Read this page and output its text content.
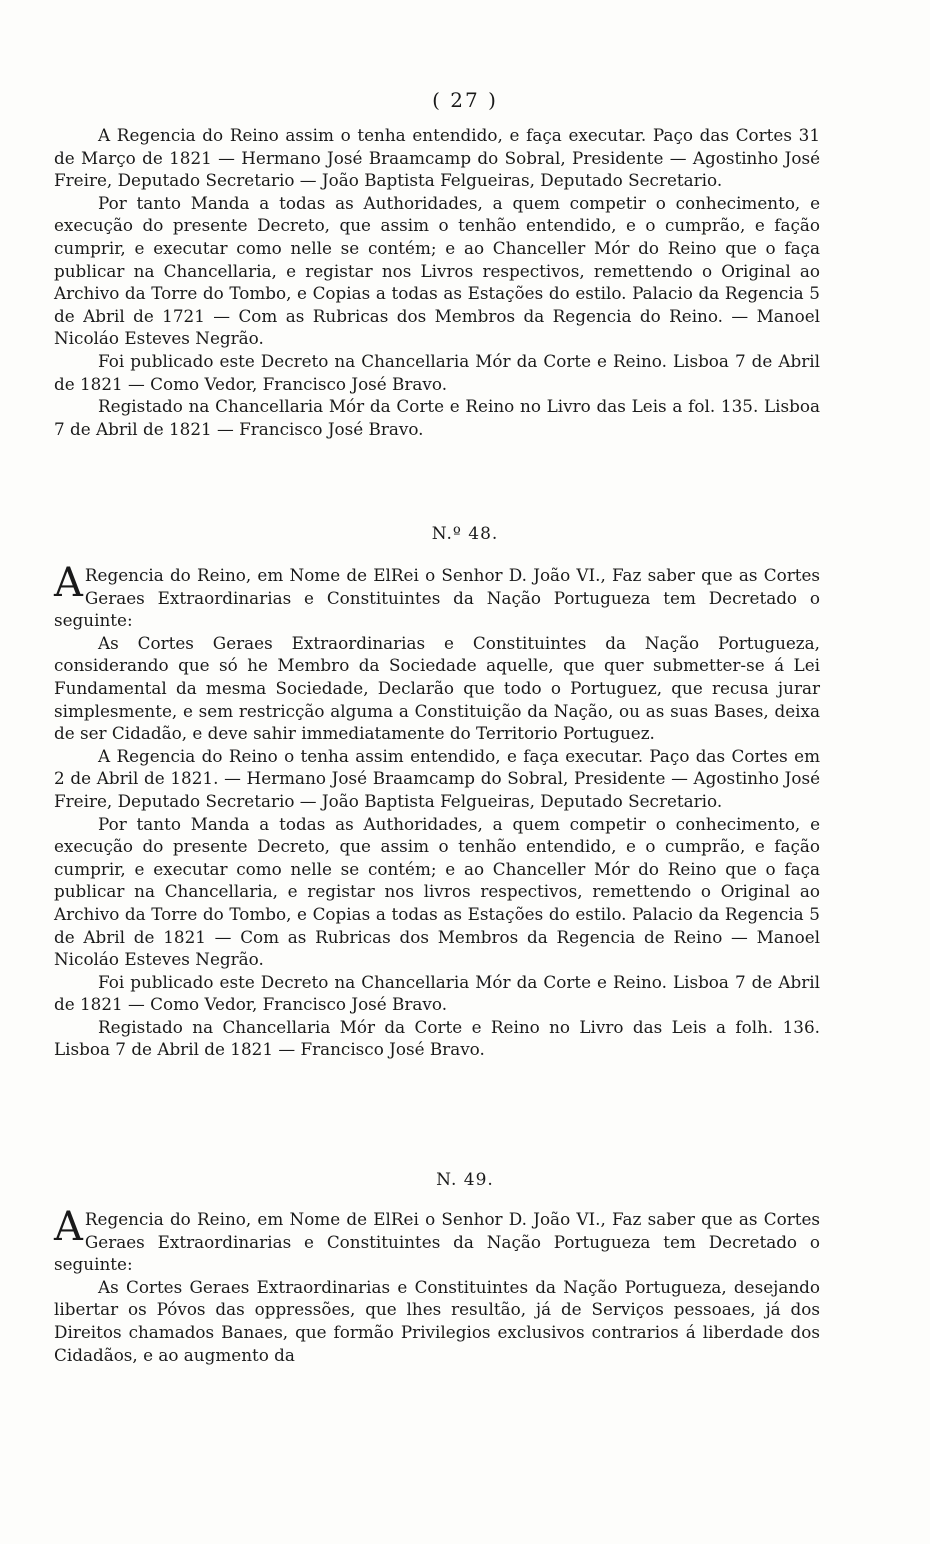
( 27 )

A Regencia do Reino assim o tenha entendido, e faça executar. Paço das Cortes 31 de Março de 1821 — Hermano José Braamcamp do Sobral, Presidente — Agostinho José Freire, Deputado Secretario — João Baptista Felgueiras, Deputado Secretario.

Por tanto Manda a todas as Authoridades, a quem competir o conhecimento, e execução do presente Decreto, que assim o tenhão entendido, e o cumprão, e fação cumprir, e executar como nelle se contém; e ao Chanceller Mór do Reino que o faça publicar na Chancellaria, e registar nos Livros respectivos, remettendo o Original ao Archivo da Torre do Tombo, e Copias a todas as Estações do estilo. Palacio da Regencia 5 de Abril de 1721 — Com as Rubricas dos Membros da Regencia do Reino. — Manoel Nicoláo Esteves Negrão.

Foi publicado este Decreto na Chancellaria Mór da Corte e Reino. Lisboa 7 de Abril de 1821 — Como Vedor, Francisco José Bravo.

Registado na Chancellaria Mór da Corte e Reino no Livro das Leis a fol. 135. Lisboa 7 de Abril de 1821 — Francisco José Bravo.

N.º 48.

A Regencia do Reino, em Nome de ElRei o Senhor D. João VI., Faz saber que as Cortes Geraes Extraordinarias e Constituintes da Nação Portugueza tem Decretado o seguinte:

As Cortes Geraes Extraordinarias e Constituintes da Nação Portugueza, considerando que só he Membro da Sociedade aquelle, que quer submetter-se á Lei Fundamental da mesma Sociedade, Declarão que todo o Portuguez, que recusa jurar simplesmente, e sem restricção alguma a Constituição da Nação, ou as suas Bases, deixa de ser Cidadão, e deve sahir immediatamente do Territorio Portuguez.

A Regencia do Reino o tenha assim entendido, e faça executar. Paço das Cortes em 2 de Abril de 1821. — Hermano José Braamcamp do Sobral, Presidente — Agostinho José Freire, Deputado Secretario — João Baptista Felgueiras, Deputado Secretario.

Por tanto Manda a todas as Authoridades, a quem competir o conhecimento, e execução do presente Decreto, que assim o tenhão entendido, e o cumprão, e fação cumprir, e executar como nelle se contém; e ao Chanceller Mór do Reino que o faça publicar na Chancellaria, e registar nos livros respectivos, remettendo o Original ao Archivo da Torre do Tombo, e Copias a todas as Estações do estilo. Palacio da Regencia 5 de Abril de 1821 — Com as Rubricas dos Membros da Regencia de Reino — Manoel Nicoláo Esteves Negrão.

Foi publicado este Decreto na Chancellaria Mór da Corte e Reino. Lisboa 7 de Abril de 1821 — Como Vedor, Francisco José Bravo.

Registado na Chancellaria Mór da Corte e Reino no Livro das Leis a folh. 136. Lisboa 7 de Abril de 1821 — Francisco José Bravo.

N. 49.

A Regencia do Reino, em Nome de ElRei o Senhor D. João VI., Faz saber que as Cortes Geraes Extraordinarias e Constituintes da Nação Portugueza tem Decretado o seguinte:

As Cortes Geraes Extraordinarias e Constituintes da Nação Portugueza, desejando libertar os Póvos das oppressões, que lhes resultão, já de Serviços pessoaes, já dos Direitos chamados Banaes, que formão Privilegios exclusivos contrarios á liberdade dos Cidadãos, e ao augmento da
